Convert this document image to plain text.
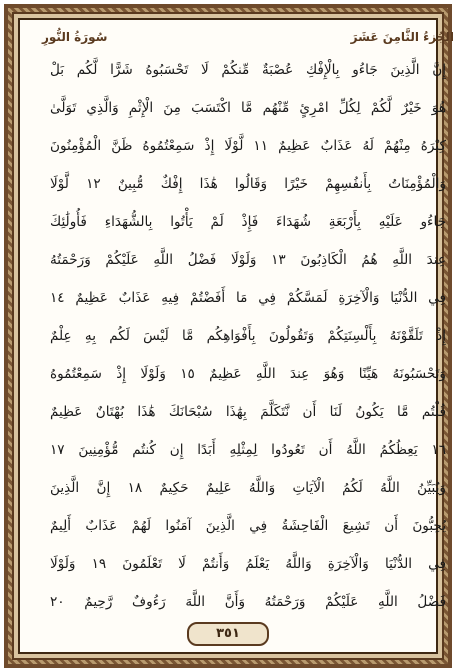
الجُزءُ الثَّامِنَ عَشَرَ
سُورَةُ النُّورِ
إِنَّ الَّذِينَ جَاءُو بِالْإِفْكِ عُصْبَةٌ مِّنكُمْ لَا تَحْسَبُوهُ شَرًّا لَّكُم بَلْ
هُوَ خَيْرٌ لَّكُمْ لِكُلِّ امْرِئٍ مِّنْهُم مَّا اكْتَسَبَ مِنَ الْإِثْمِ وَالَّذِي تَوَلَّىٰ
كِبْرَهُ مِنْهُمْ لَهُ عَذَابٌ عَظِيمٌ ١١ لَّوْلَا إِذْ سَمِعْتُمُوهُ ظَنَّ الْمُؤْمِنُونَ
وَالْمُؤْمِنَاتُ بِأَنفُسِهِمْ خَيْرًا وَقَالُوا هَٰذَا إِفْكٌ مُّبِينٌ ١٢ لَّوْلَا
جَاءُو عَلَيْهِ بِأَرْبَعَةِ شُهَدَاءَ فَإِذْ لَمْ يَأْتُوا بِالشُّهَدَاءِ فَأُولَٰئِكَ
عِندَ اللَّهِ هُمُ الْكَاذِبُونَ ١٣ وَلَوْلَا فَضْلُ اللَّهِ عَلَيْكُمْ وَرَحْمَتُهُ
فِي الدُّنْيَا وَالْآخِرَةِ لَمَسَّكُمْ فِي مَا أَفَضْتُمْ فِيهِ عَذَابٌ عَظِيمٌ ١٤
إِذْ تَلَقَّوْنَهُ بِأَلْسِنَتِكُمْ وَتَقُولُونَ بِأَفْوَاهِكُم مَّا لَيْسَ لَكُم بِهِ عِلْمٌ
وَتَحْسَبُونَهُ هَيِّنًا وَهُوَ عِندَ اللَّهِ عَظِيمٌ ١٥ وَلَوْلَا إِذْ سَمِعْتُمُوهُ
قُلْتُم مَّا يَكُونُ لَنَا أَن نَّتَكَلَّمَ بِهَٰذَا سُبْحَانَكَ هَٰذَا بُهْتَانٌ عَظِيمٌ
١٦ يَعِظُكُمُ اللَّهُ أَن تَعُودُوا لِمِثْلِهِ أَبَدًا إِن كُنتُم مُّؤْمِنِينَ ١٧
وَيُبَيِّنُ اللَّهُ لَكُمُ الْآيَاتِ وَاللَّهُ عَلِيمٌ حَكِيمٌ ١٨ إِنَّ الَّذِينَ
يُحِبُّونَ أَن تَشِيعَ الْفَاحِشَةُ فِي الَّذِينَ آمَنُوا لَهُمْ عَذَابٌ أَلِيمٌ
فِي الدُّنْيَا وَالْآخِرَةِ وَاللَّهُ يَعْلَمُ وَأَنتُمْ لَا تَعْلَمُونَ ١٩ وَلَوْلَا
فَضْلُ اللَّهِ عَلَيْكُمْ وَرَحْمَتُهُ وَأَنَّ اللَّهَ رَءُوفٌ رَّحِيمٌ ٢٠
٣٥١
